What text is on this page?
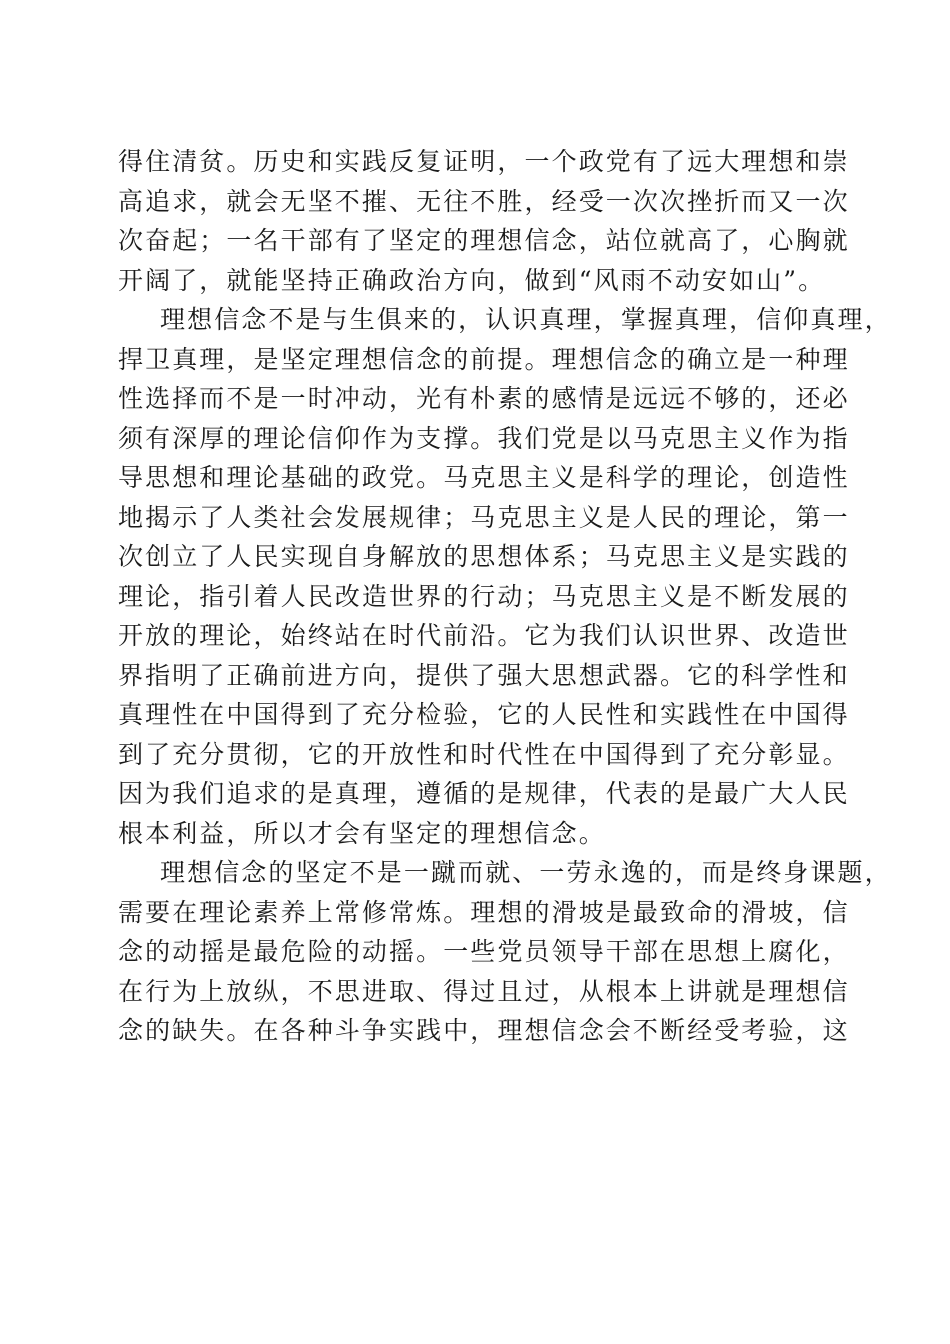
得住清贫。历史和实践反复证明，一个政党有了远大理想和崇
高追求，就会无坚不摧、无往不胜，经受一次次挫折而又一次
次奋起；一名干部有了坚定的理想信念，站位就高了，心胸就
开阔了，就能坚持正确政治方向，做到“风雨不动安如山”。
理想信念不是与生俱来的，认识真理，掌握真理，信仰真理，
捍卫真理，是坚定理想信念的前提。理想信念的确立是一种理
性选择而不是一时冲动，光有朴素的感情是远远不够的，还必
须有深厚的理论信仰作为支撑。我们党是以马克思主义作为指
导思想和理论基础的政党。马克思主义是科学的理论，创造性
地揭示了人类社会发展规律；马克思主义是人民的理论，第一
次创立了人民实现自身解放的思想体系；马克思主义是实践的
理论，指引着人民改造世界的行动；马克思主义是不断发展的
开放的理论，始终站在时代前沿。它为我们认识世界、改造世
界指明了正确前进方向，提供了强大思想武器。它的科学性和
真理性在中国得到了充分检验，它的人民性和实践性在中国得
到了充分贯彻，它的开放性和时代性在中国得到了充分彰显。
因为我们追求的是真理，遵循的是规律，代表的是最广大人民
根本利益，所以才会有坚定的理想信念。
理想信念的坚定不是一蹴而就、一劳永逸的，而是终身课题，
需要在理论素养上常修常炼。理想的滑坡是最致命的滑坡，信
念的动摇是最危险的动摇。一些党员领导干部在思想上腐化，
在行为上放纵，不思进取、得过且过，从根本上讲就是理想信
念的缺失。在各种斗争实践中，理想信念会不断经受考验，这
